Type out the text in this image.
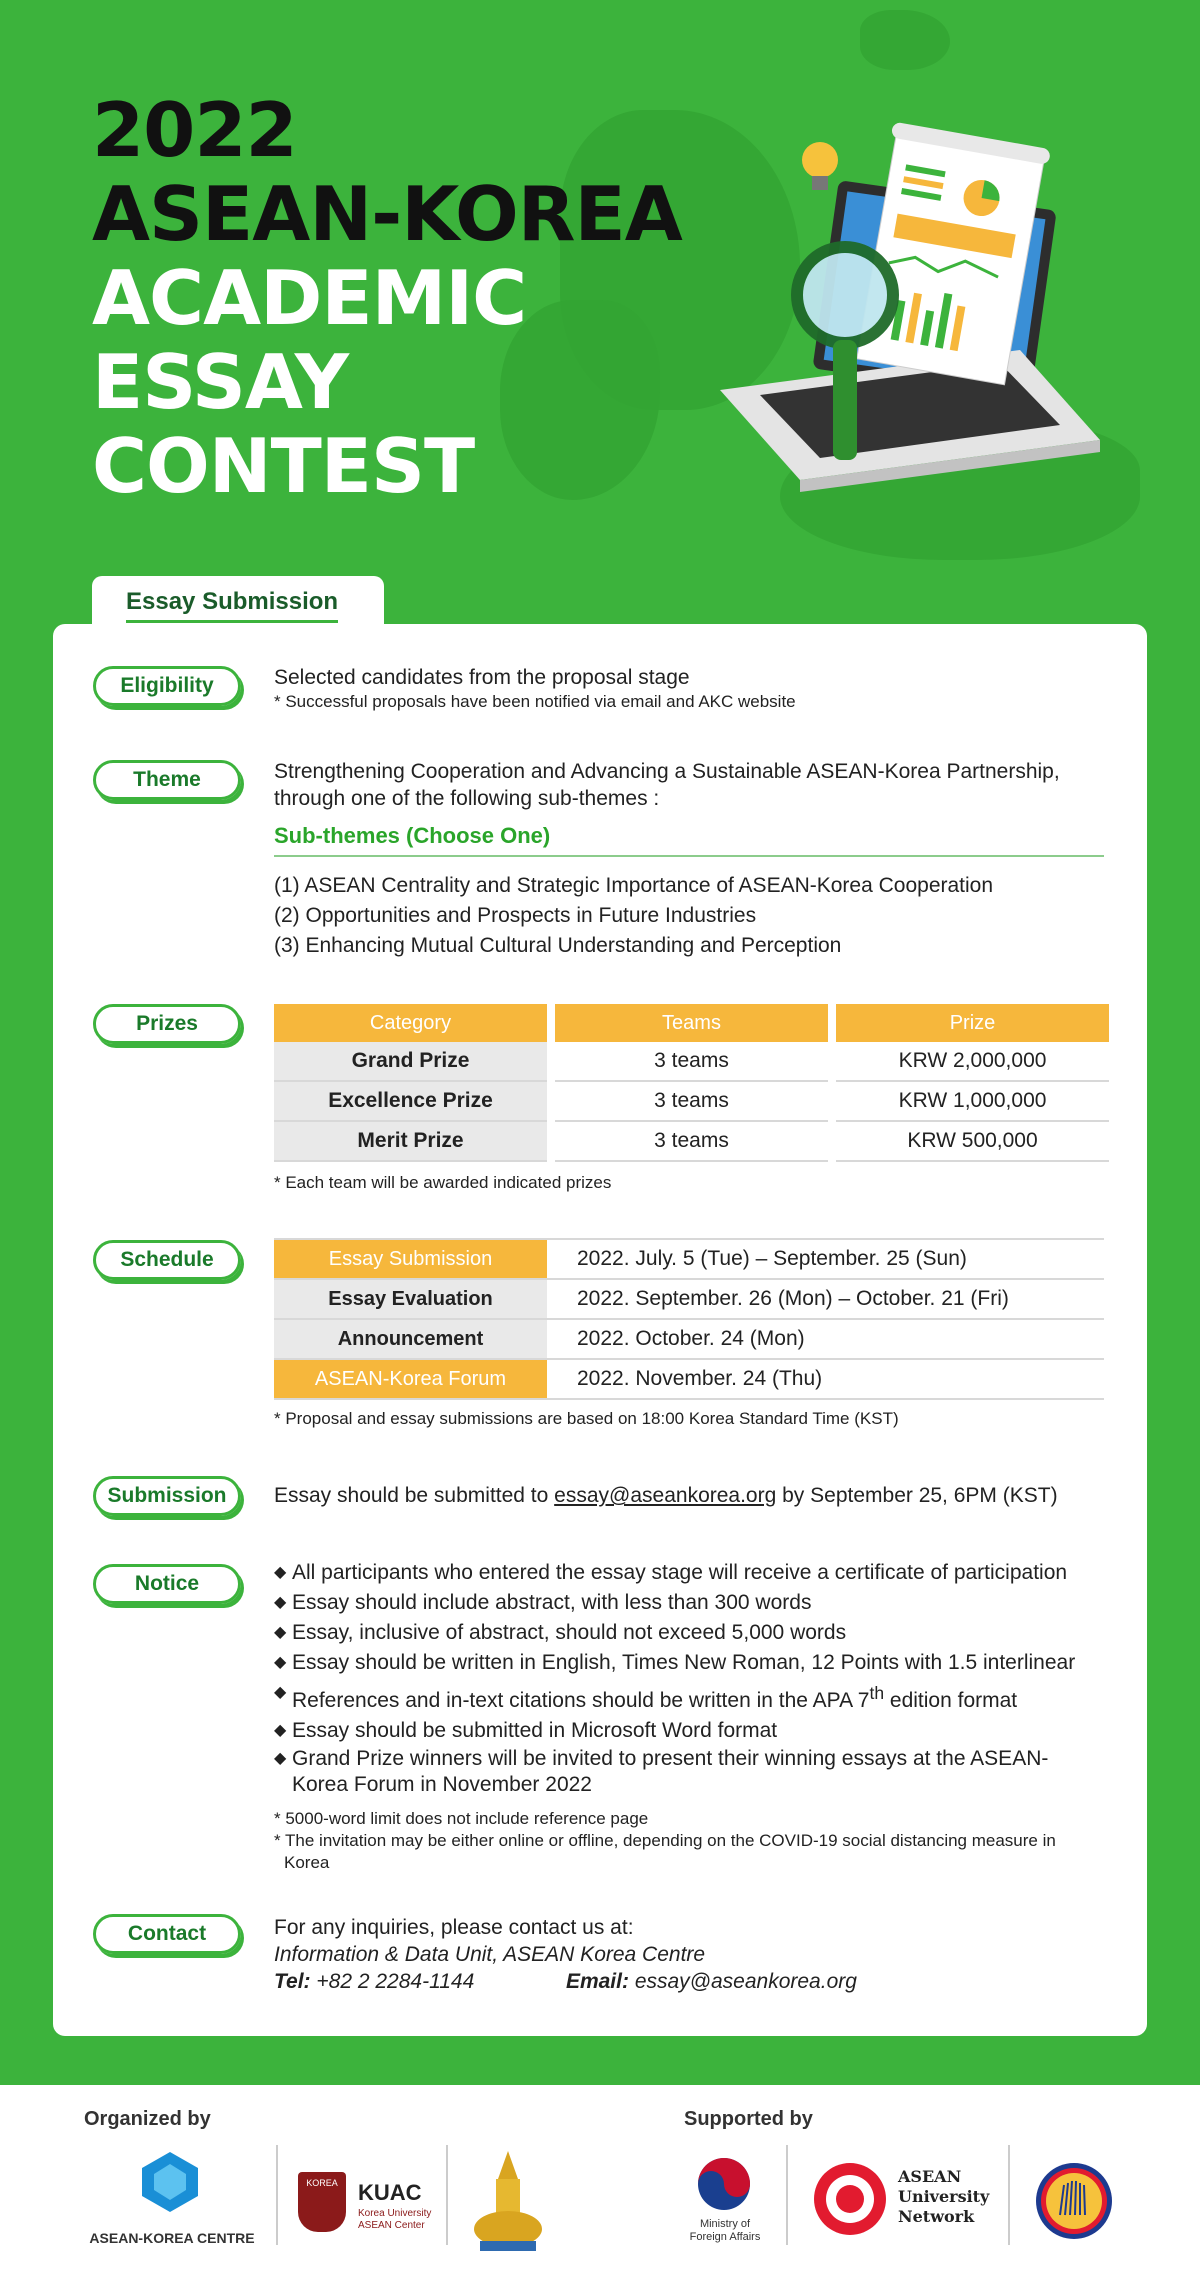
2022
ASEAN-KOREA
ACADEMIC
ESSAY
CONTEST
Essay Submission
Eligibility	Selected candidates from the proposal stage
* Successful proposals have been notified via email and AKC website
Theme	Strengthening Cooperation and Advancing a Sustainable ASEAN-Korea Partnership, through one of the following sub-themes :
Sub-themes (Choose One)
(1) ASEAN Centrality and Strategic Importance of ASEAN-Korea Cooperation
(2) Opportunities and Prospects in Future Industries
(3) Enhancing Mutual Cultural Understanding and Perception
Prizes	Category	Teams	Prize
Grand Prize	3 teams	KRW 2,000,000
Excellence Prize	3 teams	KRW 1,000,000
Merit Prize	3 teams	KRW 500,000
* Each team will be awarded indicated prizes
Schedule	Essay Submission	2022. July. 5 (Tue) – September. 25 (Sun)
Essay Evaluation	2022. September. 26 (Mon) – October. 21 (Fri)
Announcement	2022. October. 24 (Mon)
ASEAN-Korea Forum	2022. November. 24 (Thu)
* Proposal and essay submissions are based on 18:00 Korea Standard Time (KST)
Submission	Essay should be submitted to essay@aseankorea.org by September 25, 6PM (KST)
Notice
◆	All participants who entered the essay stage will receive a certificate of participation
◆ Essay should include abstract, with less than 300 words
◆ Essay, inclusive of abstract, should not exceed 5,000 words
◆ Essay should be written in English, Times New Roman, 12 Points with 1.5 interlinear
◆ References and in-text citations should be written in the APA 7th edition format
◆ Essay should be submitted in Microsoft Word format
◆ Grand Prize winners will be invited to present their winning essays at the ASEAN-Korea Forum in November 2022
* 5000-word limit does not include reference page
* The invitation may be either online or offline, depending on the COVID-19 social distancing measure in Korea
Contact	For any inquiries, please contact us at:
Information & Data Unit, ASEAN Korea Centre
Tel: +82 2 2284-1144	Email: essay@aseankorea.org
Organized by	Supported by
ASEAN-KOREA CENTRE
KOREA KUAC
Korea University
ASEAN Center	Ministry of
Foreign Affairs
ASEAN
University
Network
